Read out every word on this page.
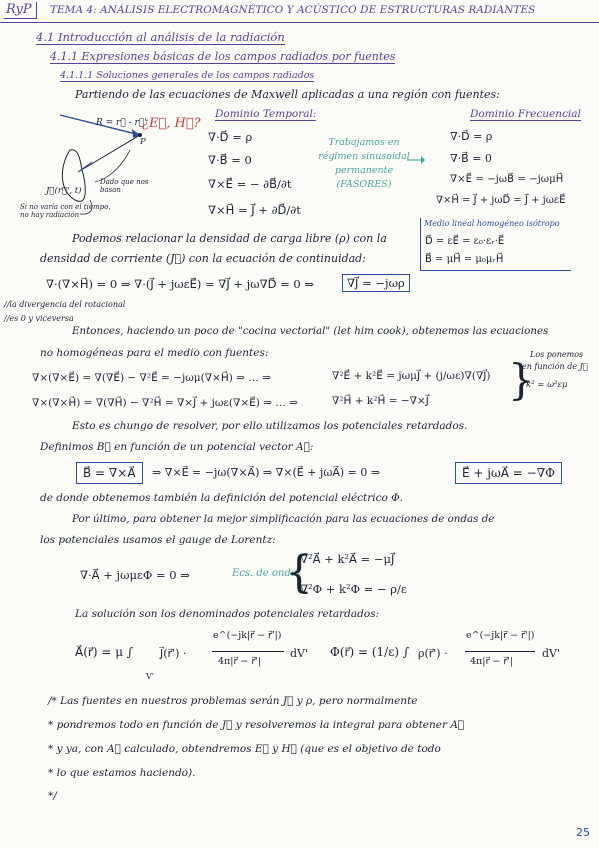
RyP	TEMA 4: ANÁLISIS ELECTROMAGNÉTICO Y ACÚSTICO DE ESTRUCTURAS RADIANTES
4.1 Introducción al análisis de la radiación
4.1.1 Expresiones básicas de los campos radiados por fuentes
4.1.1.1 Soluciones generales de los campos radiados
Partiendo de las ecuaciones de Maxwell aplicadas a una región con fuentes:
R = r⃗ - r⃗'
¿E⃗, H⃗?
P
J⃗(r⃗', t)
Dado que nos basan
Si no varía con el tiempo, no hay radiación
Dominio Temporal:
∇·D⃗ = ρ
∇·B⃗ = 0
∇×E⃗ = − ∂B⃗/∂t
∇×H⃗ = J⃗ + ∂D⃗/∂t
Trabajamos en régimen sinusoidal permanente (FASORES)
Dominio Frecuencial
∇·D⃗ = ρ
∇·B⃗ = 0
∇×E⃗ = −jωB⃗ = −jωμH⃗
∇×H⃗ = J⃗ + jωD⃗ = J⃗ + jωεE⃗
Medio lineal homogéneo isótropo
D⃗ = εE⃗ = ε₀·εᵣ·E⃗
B⃗ = μH⃗ = μ₀μᵣH⃗
Podemos relacionar la densidad de carga libre (ρ) con la
densidad de corriente (J⃗) con la ecuación de continuidad:
∇·(∇×H⃗) = 0 ⇒ ∇·(J⃗ + jωεE⃗) = ∇J⃗ + jω∇D⃗ = 0 ⇒	∇J⃗ = −jωρ
//la divergencia del rotacional
//es 0 y viceversa
Entonces, haciendo un poco de "cocina vectorial" (let him cook), obtenemos las ecuaciones
no homogéneas para el medio con fuentes:
∇×(∇×E⃗) = ∇(∇E⃗) − ∇²E⃗ = −jωμ(∇×H⃗) ⇒ … ⇒	∇²E⃗ + k²E⃗ = jωμJ⃗ + (j/ωε)∇(∇J⃗)
∇×(∇×H⃗) = ∇(∇H⃗) − ∇²H⃗ = ∇×J⃗ + jωε(∇×E⃗) ⇒ … ⇒	∇²H⃗ + k²H⃗ = −∇×J⃗ }
Los ponemos
en función de J⃗
k² = ω²εμ
Esto es chungo de resolver, por ello utilizamos los potenciales retardados.
Definimos B⃗ en función de un potencial vector A⃗:
B⃗ = ∇×A⃗	⇒ ∇×E⃗ = −jω(∇×A⃗) ⇒ ∇×(E⃗ + jωA⃗) = 0 ⇒	E⃗ + jωA⃗ = −∇Φ
de donde obtenemos también la definición del potencial eléctrico Φ.
Por último, para obtener la mejor simplificación para las ecuaciones de ondas de
los potenciales usamos el gauge de Lorentz:
∇·A⃗ + jωμεΦ = 0 ⇒	Ecs. de onda:
{
∇²A⃗ + k²A⃗ = −μJ⃗
∇²Φ + k²Φ = − ρ/ε
La solución son los denominados potenciales retardados:
A⃗(r⃗) = μ ∫ J⃗(r⃗') ·
e^(−jk|r⃗ − r⃗'|)
4π|r⃗ − r⃗'|
dV'
V'
Φ(r⃗) = (1/ε) ∫ ρ(r⃗') ·
e^(−jk|r⃗ − r⃗'|)
4π|r⃗ − r⃗'|
dV'
/* Las fuentes en nuestros problemas serán J⃗ y ρ, pero normalmente
* pondremos todo en función de J⃗ y resolveremos la integral para obtener A⃗
* y ya, con A⃗ calculado, obtendremos E⃗ y H⃗ (que es el objetivo de todo
* lo que estamos haciendo).
*/
25
